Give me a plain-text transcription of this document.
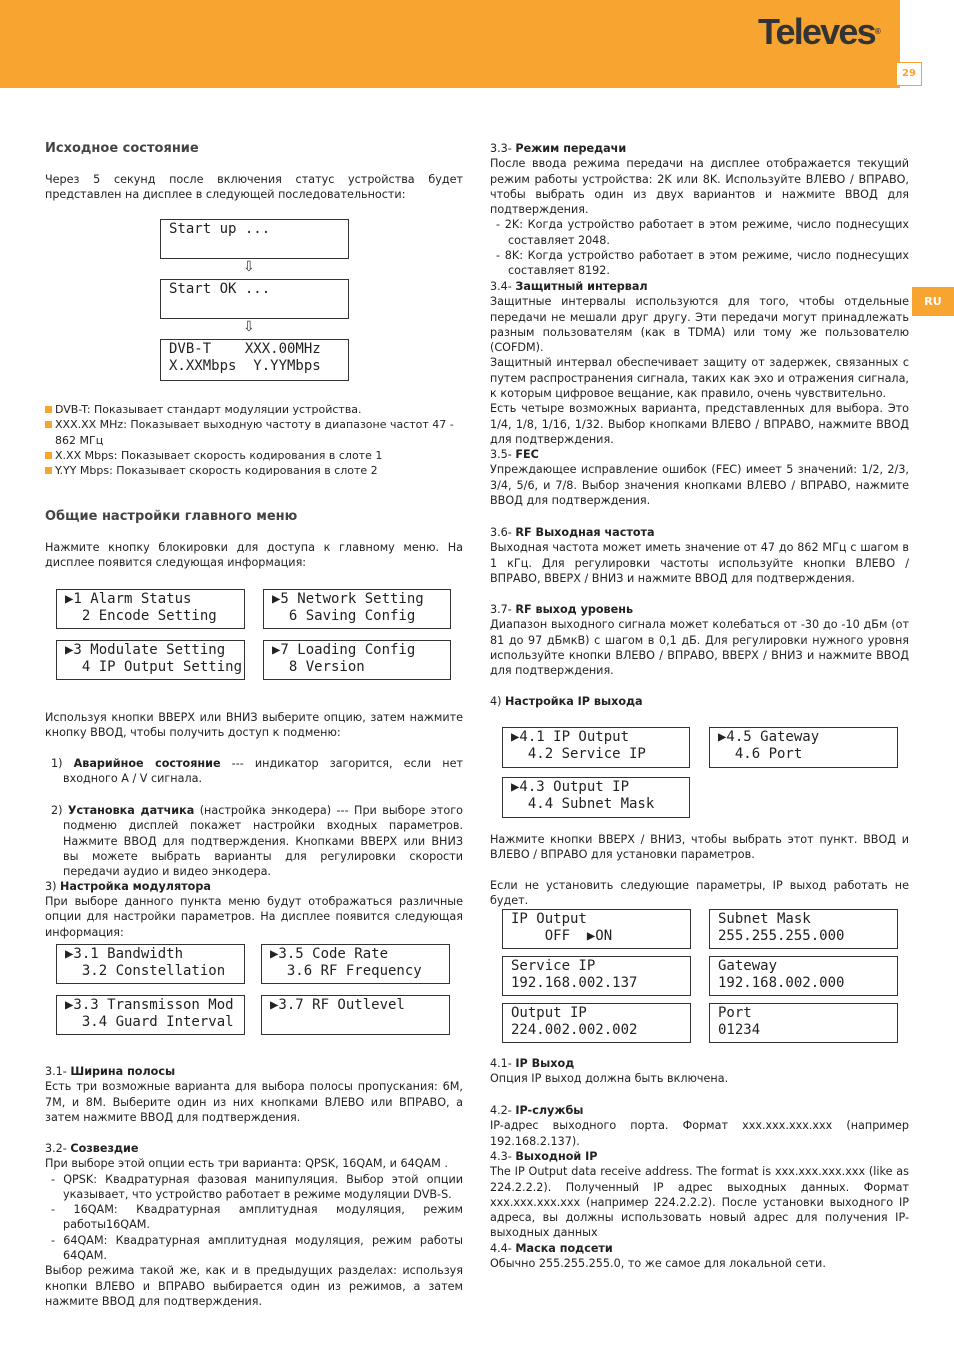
Televes®
29
RU
Исходное состояние

Через 5 секунд после включения статус устройства будет представлен на дисплее в следующей последовательности:

Start up ...
⇩
Start OK ...
⇩
DVB-T    XXX.00MHz
X.XXMbps  Y.YYMbps

DVB-T: Показывает стандарт модуляции устройства.

XXX.XX MHz: Показывает выходную частоту в диапазоне частот 47 - 862 МГц

X.XX Mbps: Показывает скорость кодирования в слоте 1

Y.YY Mbps: Показывает скорость кодирования в слоте 2

Общие настройки главного меню

Нажмите кнопку блокировки для доступа к главному меню. На дисплее появится следующая информация:

▶1 Alarm Status
2 Encode Setting
▶5 Network Setting
6 Saving Config
▶3 Modulate Setting
4 IP Output Setting
▶7 Loading Config
8 Version

Используя кнопки ВВЕРХ или ВНИЗ выберите опцию, затем нажмите кнопку ВВОД, чтобы получить доступ к подменю:

1) Аварийное состояние --- индикатор загорится, если нет входного A / V сигнала.

2) Установка датчика (настройка энкодера) --- При выборе этого подменю дисплей покажет настройки входных параметров. Нажмите ВВОД для подтверждения. Кнопками ВВЕРХ или ВНИЗ вы можете выбрать варианты для регулировки скорости передачи аудио и видео энкодера.

3) Настройка модулятора

При выборе данного пункта меню будут отображаться различные опции для настройки параметров. На дисплее появится следующая информация:

▶3.1 Bandwidth
3.2 Constellation
▶3.5 Code Rate
3.6 RF Frequency
▶3.3 Transmisson Mod
3.4 Guard Interval
▶3.7 RF Outlevel

3.1- Ширина полосы

Есть три возможные варианта для выбора полосы пропускания: 6M, 7M, и 8M. Выберите один из них кнопками ВЛЕВО или ВПРАВО, а затем нажмите ВВОД для подтверждения.

3.2- Созвездие

При выборе этой опции есть три варианта: QPSK, 16QAM, и 64QAM .

- QPSK: Квадратурная фазовая манипуляция. Выбор этой опции указывает, что устройство работает в режиме модуляции DVB-S.

- 16QAM: Квадратурная амплитудная модуляция, режим работы16QAM.

- 64QAM: Квадратурная амплитудная модуляция, режим работы 64QAM.

Выбор режима такой же, как и в предыдущих разделах: используя кнопки ВЛЕВО и ВПРАВО выбирается один из режимов, а затем нажмите ВВОД для подтверждения.

3.3- Режим передачи

После ввода режима передачи на дисплее отображается текущий режим работы устройства: 2K или 8K. Используйте ВЛЕВО / ВПРАВО, чтобы выбрать один из двух вариантов и нажмите ВВОД для подтверждения.

- 2K: Когда устройство работает в этом режиме, число поднесущих составляет 2048.

- 8K: Когда устройство работает в этом режиме, число поднесущих составляет 8192.

3.4- Защитный интервал

Защитные интервалы используются для того, чтобы отдельные передачи не мешали друг другу. Эти передачи могут принадлежать разным пользователям (как в TDMA) или тому же пользователю (COFDM).

Защитный интервал обеспечивает защиту от задержек, связанных с путем распространения сигнала, таких как эхо и отражения сигнала, к которым цифровое вещание, как правило, очень чувствительно.

Есть четыре возможных варианта, представленных для выбора. Это 1/4, 1/8, 1/16, 1/32. Выбор кнопками ВЛЕВО / ВПРАВО, нажмите ВВОД для подтверждения.

3.5- FEC

Упреждающее исправление ошибок (FEC) имеет 5 значений: 1/2, 2/3, 3/4, 5/6, и 7/8. Выбор значения кнопками ВЛЕВО / ВПРАВО, нажмите ВВОД для подтверждения.

3.6- RF Выходная частота

Выходная частота может иметь значение от 47 до 862 МГц с шагом в 1 кГц. Для регулировки частоты используйте кнопки ВЛЕВО / ВПРАВО, ВВЕРХ / ВНИЗ и нажмите ВВОД для подтверждения.

3.7- RF выход уровень

Диапазон выходного сигнала может колебаться от -30 до -10 дБм (от 81 до 97 дБмкВ) с шагом в 0,1 дБ. Для регулировки нужного уровня используйте кнопки ВЛЕВО / ВПРАВО, ВВЕРХ / ВНИЗ и нажмите ВВОД для подтверждения.

4) Настройка IP выхода

▶4.1 IP Output
4.2 Service IP
▶4.5 Gateway
4.6 Port
▶4.3 Output IP
4.4 Subnet Mask

Нажмите кнопки ВВЕРХ / ВНИЗ, чтобы выбрать этот пункт. ВВОД и ВЛЕВО / ВПРАВО для установки параметров.

Если не установить следующие параметры, IP выход работать не будет.

IP Output
OFF  ▶ON
Subnet Mask
255.255.255.000
Service IP
192.168.002.137
Gateway
192.168.002.000
Output IP
224.002.002.002
Port
01234

4.1- IP Выход

Опция IP выход должна быть включена.

4.2- IP-службы

IP-адрес выходного порта. Формат xxx.xxx.xxx.xxx (например 192.168.2.137).

4.3- Выходной IP

The IP Output data receive address. The format is xxx.xxx.xxx.xxx (like as 224.2.2.2). Полученный IP адрес выходных данных. Формат xxx.xxx.xxx.xxx (например 224.2.2.2). После установки выходного IP адреса, вы должны использовать новый адрес для получения IP-выходных данных

4.4- Маска подсети

Обычно 255.255.255.0, то же самое для локальной сети.
